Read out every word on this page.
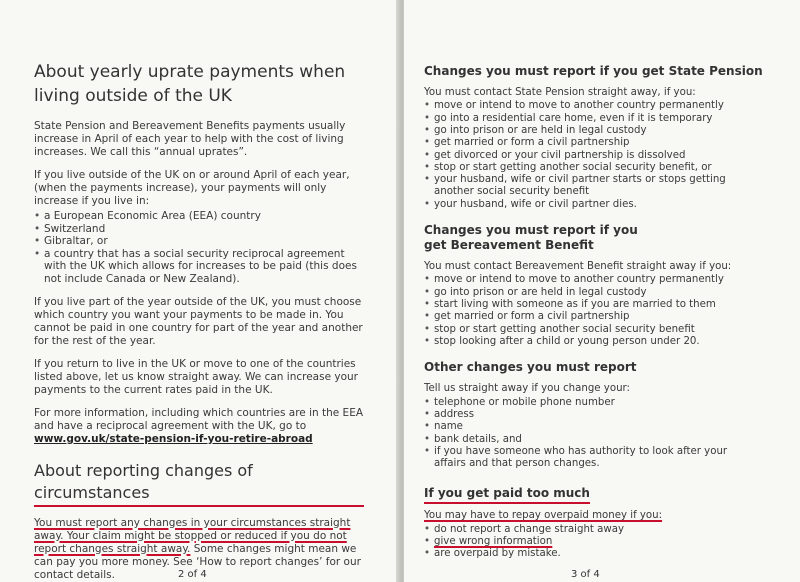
About yearly uprate payments when living outside of the UK

State Pension and Bereavement Benefits payments usually increase in April of each year to help with the cost of living increases. We call this “annual uprates”.

If you live outside of the UK on or around April of each year, (when the payments increase), your payments will only increase if you live in:

• a European Economic Area (EEA) country
• Switzerland
• Gibraltar, or
• a country that has a social security reciprocal agreement with the UK which allows for increases to be paid (this does not include Canada or New Zealand).

If you live part of the year outside of the UK, you must choose which country you want your payments to be made in. You cannot be paid in one country for part of the year and another for the rest of the year.

If you return to live in the UK or move to one of the countries listed above, let us know straight away. We can increase your payments to the current rates paid in the UK.

For more information, including which countries are in the EEA and have a reciprocal agreement with the UK, go to
www.gov.uk/state-pension-if-you-retire-abroad

About reporting changes of circumstances

You must report any changes in your circumstances straight away. Your claim might be stopped or reduced if you do not report changes straight away. Some changes might mean we can pay you more money. See ‘How to report changes’ for our contact details.	2 of 4
Changes you must report if you get State Pension

You must contact State Pension straight away, if you:

• move or intend to move to another country permanently
• go into a residential care home, even if it is temporary
• go into prison or are held in legal custody
• get married or form a civil partnership
• get divorced or your civil partnership is dissolved
• stop or start getting another social security benefit, or
• your husband, wife or civil partner starts or stops getting another social security benefit
• your husband, wife or civil partner dies.
Changes you must report if you get Bereavement Benefit

You must contact Bereavement Benefit straight away if you:

• move or intend to move to another country permanently
• go into prison or are held in legal custody
• start living with someone as if you are married to them
• get married or form a civil partnership
• stop or start getting another social security benefit
• stop looking after a child or young person under 20.
Other changes you must report

Tell us straight away if you change your:

• telephone or mobile phone number
• address
• name
• bank details, and
• if you have someone who has authority to look after your affairs and that person changes.
If you get paid too much

You may have to repay overpaid money if you:

• do not report a change straight away
• give wrong information
• are overpaid by mistake.
3 of 4
